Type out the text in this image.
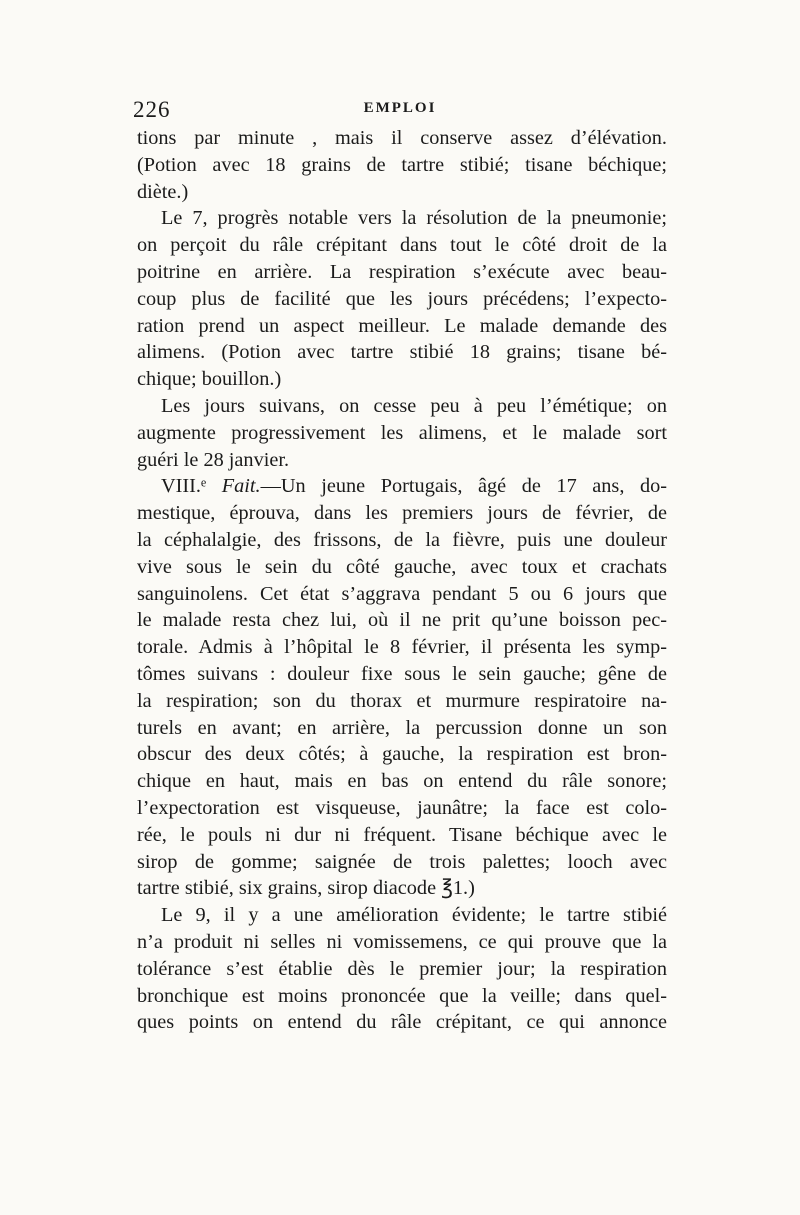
226	EMPLOI
tions par minute , mais il conserve assez d’élévation.
(Potion avec 18 grains de tartre stibié; tisane béchique;
diète.)
Le 7, progrès notable vers la résolution de la pneumonie;
on perçoit du râle crépitant dans tout le côté droit de la
poitrine en arrière. La respiration s’exécute avec beau-
coup plus de facilité que les jours précédens; l’expecto-
ration prend un aspect meilleur. Le malade demande des
alimens. (Potion avec tartre stibié 18 grains; tisane bé-
chique; bouillon.)
Les jours suivans, on cesse peu à peu l’émétique; on
augmente progressivement les alimens, et le malade sort
guéri le 28 janvier.
VIII.ᵉ Fait.—Un jeune Portugais, âgé de 17 ans, do-
mestique, éprouva, dans les premiers jours de février, de
la céphalalgie, des frissons, de la fièvre, puis une douleur
vive sous le sein du côté gauche, avec toux et crachats
sanguinolens. Cet état s’aggrava pendant 5 ou 6 jours que
le malade resta chez lui, où il ne prit qu’une boisson pec-
torale. Admis à l’hôpital le 8 février, il présenta les symp-
tômes suivans : douleur fixe sous le sein gauche; gêne de
la respiration; son du thorax et murmure respiratoire na-
turels en avant; en arrière, la percussion donne un son
obscur des deux côtés; à gauche, la respiration est bron-
chique en haut, mais en bas on entend du râle sonore;
l’expectoration est visqueuse, jaunâtre; la face est colo-
rée, le pouls ni dur ni fréquent. Tisane béchique avec le
sirop de gomme; saignée de trois palettes; looch avec
tartre stibié, six grains, sirop diacode ℥1.)
Le 9, il y a une amélioration évidente; le tartre stibié
n’a produit ni selles ni vomissemens, ce qui prouve que la
tolérance s’est établie dès le premier jour; la respiration
bronchique est moins prononcée que la veille; dans quel-
ques points on entend du râle crépitant, ce qui annonce
